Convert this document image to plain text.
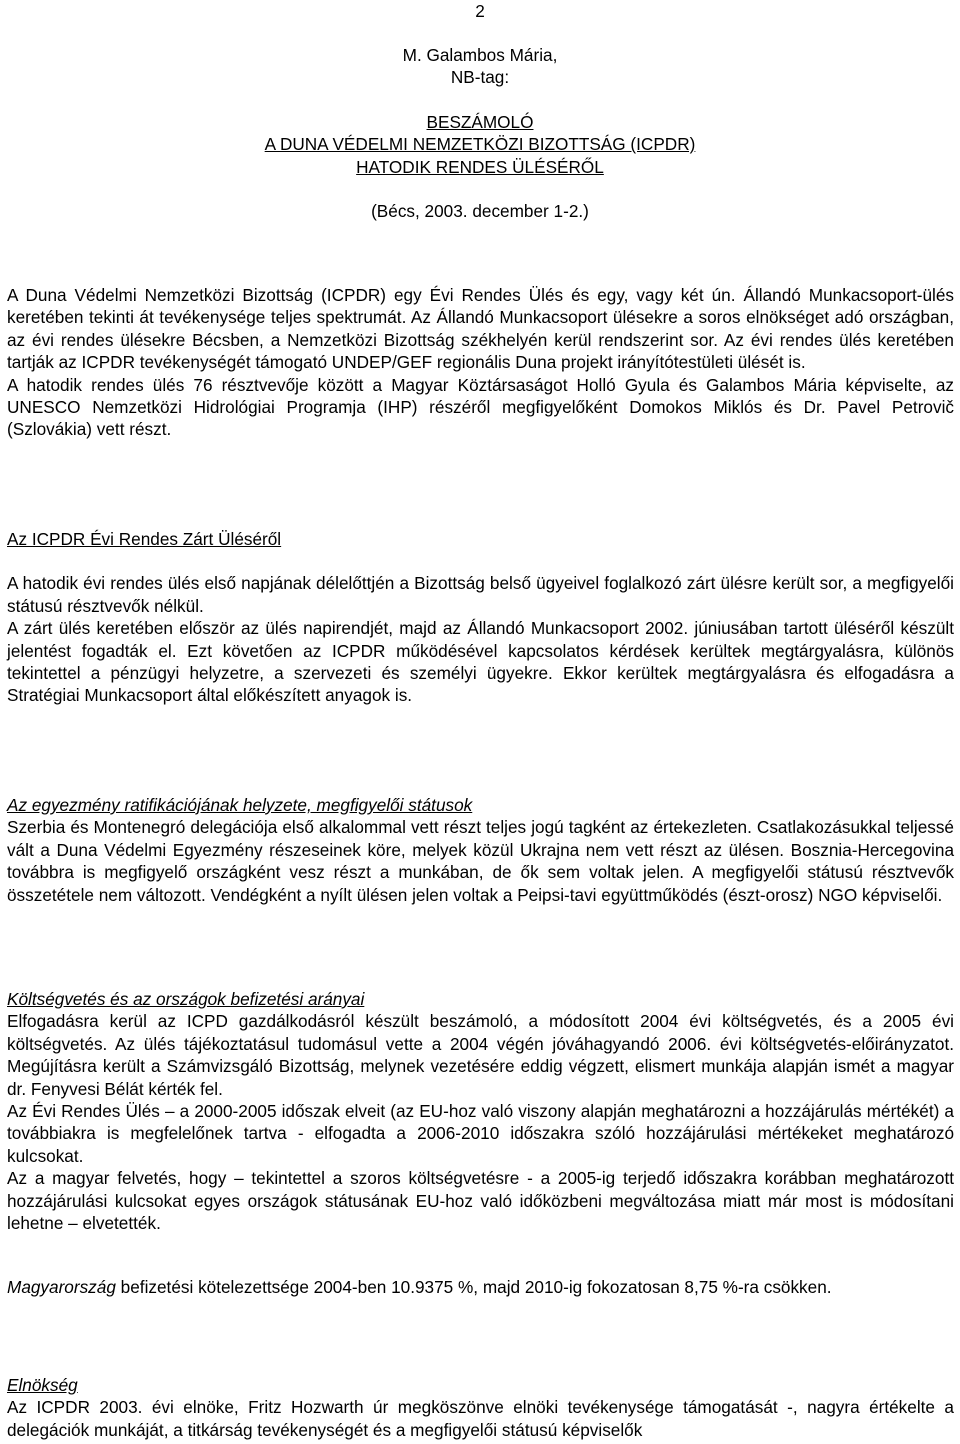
2
M. Galambos Mária,
NB-tag:
BESZÁMOLÓ
A DUNA VÉDELMI NEMZETKÖZI BIZOTTSÁG (ICPDR)
HATODIK RENDES ÜLÉSÉRŐL
(Bécs, 2003. december 1-2.)

A Duna Védelmi Nemzetközi Bizottság (ICPDR) egy Évi Rendes Ülés és egy, vagy két ún. Állandó Munkacsoport-ülés keretében tekinti át tevékenysége teljes spektrumát. Az Állandó Munkacsoport ülésekre a soros elnökséget adó országban, az évi rendes ülésekre Bécsben, a Nemzetközi Bizottság székhelyén kerül rendszerint sor. Az évi rendes ülés keretében tartják az ICPDR tevékenységét támogató UNDEP/GEF regionális Duna projekt irányítótestületi ülését is.

A hatodik rendes ülés 76 résztvevője között a Magyar Köztársaságot Holló Gyula és Galambos Mária képviselte, az UNESCO Nemzetközi Hidrológiai Programja (IHP) részéről megfigyelőként Domokos Miklós és Dr. Pavel Petrovič (Szlovákia) vett részt.

Az ICPDR Évi Rendes Zárt Üléséről

A hatodik évi rendes ülés első napjának délelőttjén a Bizottság belső ügyeivel foglalkozó zárt ülésre került sor, a megfigyelői státusú résztvevők nélkül.

A zárt ülés keretében először az ülés napirendjét, majd az Állandó Munkacsoport 2002. júniusában tartott üléséről készült jelentést fogadták el. Ezt követően az ICPDR működésével kapcsolatos kérdések kerültek megtárgyalásra, különös tekintettel a pénzügyi helyzetre, a szervezeti és személyi ügyekre. Ekkor kerültek megtárgyalásra és elfogadásra a Stratégiai Munkacsoport által előkészített anyagok is.

Az egyezmény ratifikációjának helyzete, megfigyelői státusok

Szerbia és Montenegró delegációja első alkalommal vett részt teljes jogú tagként az értekezleten. Csatlakozásukkal teljessé vált a Duna Védelmi Egyezmény részeseinek köre, melyek közül Ukrajna nem vett részt az ülésen. Bosznia-Hercegovina továbbra is megfigyelő országként vesz részt a munkában, de ők sem voltak jelen. A megfigyelői státusú résztvevők összetétele nem változott. Vendégként a nyílt ülésen jelen voltak a Peipsi-tavi együttműködés (észt-orosz) NGO képviselői.

Költségvetés és az országok befizetési arányai

Elfogadásra kerül az ICPD gazdálkodásról készült beszámoló, a módosított 2004 évi költségvetés, és a 2005 évi költségvetés. Az ülés tájékoztatásul tudomásul vette a 2004 végén jóváhagyandó 2006. évi költségvetés-előirányzatot. Megújításra került a Számvizsgáló Bizottság, melynek vezetésére eddig végzett, elismert munkája alapján ismét a magyar dr. Fenyvesi Bélát kérték fel.

Az Évi Rendes Ülés – a 2000-2005 időszak elveit (az EU-hoz való viszony alapján meghatározni a hozzájárulás mértékét) a továbbiakra is megfelelőnek tartva - elfogadta a 2006-2010 időszakra szóló hozzájárulási mértékeket meghatározó kulcsokat.

Az a magyar felvetés, hogy – tekintettel a szoros költségvetésre - a 2005-ig terjedő időszakra korábban meghatározott hozzájárulási kulcsokat egyes országok státusának EU-hoz való időközbeni megváltozása miatt már most is módosítani lehetne – elvetették.

Magyarország befizetési kötelezettsége 2004-ben 10.9375 %, majd 2010-ig fokozatosan 8,75 %-ra csökken.

Elnökség

Az ICPDR 2003. évi elnöke, Fritz Hozwarth úr megköszönve elnöki tevékenysége támogatását -, nagyra értékelte a delegációk munkáját, a titkárság tevékenységét és a megfigyelői státusú képviselők
